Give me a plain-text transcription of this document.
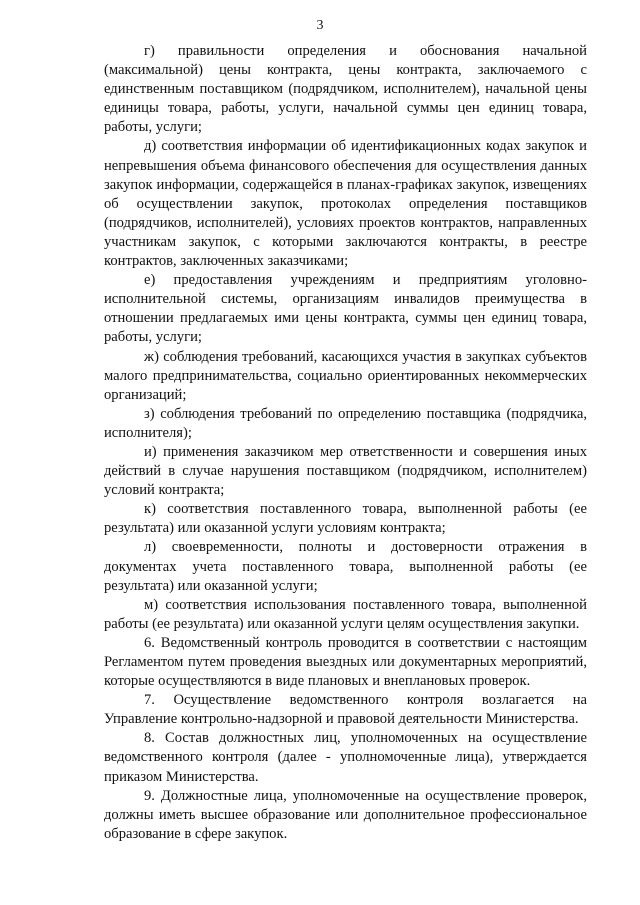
3

г) правильности определения и обоснования начальной (максимальной) цены контракта, цены контракта, заключаемого с единственным поставщиком (подрядчиком, исполнителем), начальной цены единицы товара, работы, услуги, начальной суммы цен единиц товара, работы, услуги;

д) соответствия информации об идентификационных кодах закупок и непревышения объема финансового обеспечения для осуществления данных закупок информации, содержащейся в планах-графиках закупок, извещениях об осуществлении закупок, протоколах определения поставщиков (подрядчиков, исполнителей), условиях проектов контрактов, направленных участникам закупок, с которыми заключаются контракты, в реестре контрактов, заключенных заказчиками;

е) предоставления учреждениям и предприятиям уголовно-исполнительной системы, организациям инвалидов преимущества в отношении предлагаемых ими цены контракта, суммы цен единиц товара, работы, услуги;

ж) соблюдения требований, касающихся участия в закупках субъектов малого предпринимательства, социально ориентированных некоммерческих организаций;

з) соблюдения требований по определению поставщика (подрядчика, исполнителя);

и) применения заказчиком мер ответственности и совершения иных действий в случае нарушения поставщиком (подрядчиком, исполнителем) условий контракта;

к) соответствия поставленного товара, выполненной работы (ее результата) или оказанной услуги условиям контракта;

л) своевременности, полноты и достоверности отражения в документах учета поставленного товара, выполненной работы (ее результата) или оказанной услуги;

м) соответствия использования поставленного товара, выполненной работы (ее результата) или оказанной услуги целям осуществления закупки.

6. Ведомственный контроль проводится в соответствии с настоящим Регламентом путем проведения выездных или документарных мероприятий, которые осуществляются в виде плановых и внеплановых проверок.

7. Осуществление ведомственного контроля возлагается на Управление контрольно-надзорной и правовой деятельности Министерства.

8. Состав должностных лиц, уполномоченных на осуществление ведомственного контроля (далее - уполномоченные лица), утверждается приказом Министерства.

9. Должностные лица, уполномоченные на осуществление проверок, должны иметь высшее образование или дополнительное профессиональное образование в сфере закупок.
